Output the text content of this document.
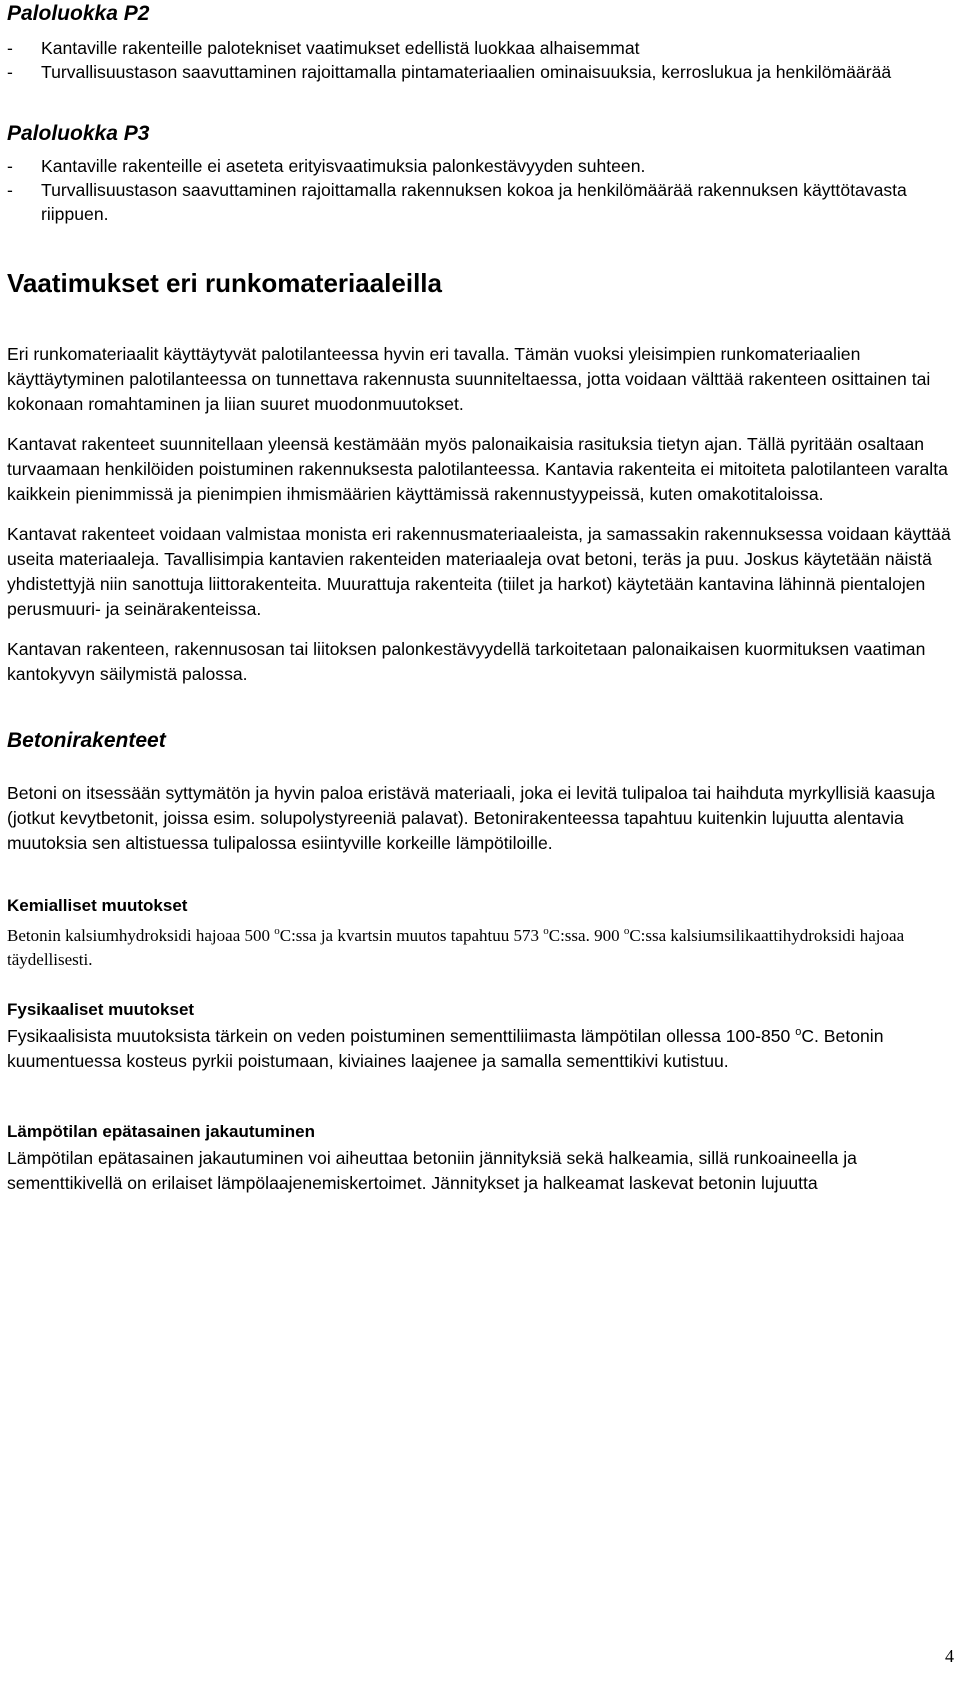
Paloluokka P2
-	Kantaville rakenteille palotekniset vaatimukset edellistä luokkaa alhaisemmat

-	Turvallisuustason saavuttaminen rajoittamalla pintamateriaalien ominaisuuksia, kerroslukua ja henkilömäärää

Paloluokka P3
-	Kantaville rakenteille ei aseteta erityisvaatimuksia palonkestävyyden suhteen.

-	Turvallisuustason saavuttaminen rajoittamalla rakennuksen kokoa ja henkilömäärää rakennuksen käyttötavasta riippuen.

Vaatimukset eri runkomateriaaleilla

Eri runkomateriaalit käyttäytyvät palotilanteessa hyvin eri tavalla. Tämän vuoksi yleisimpien runkomateriaalien käyttäytyminen palotilanteessa on tunnettava rakennusta suunniteltaessa, jotta voidaan välttää rakenteen osittainen tai kokonaan romahtaminen ja liian suuret muodonmuutokset.

Kantavat rakenteet suunnitellaan yleensä kestämään myös palonaikaisia rasituksia tietyn ajan. Tällä pyritään osaltaan turvaamaan henkilöiden poistuminen rakennuksesta palotilanteessa. Kantavia rakenteita ei mitoiteta palotilanteen varalta kaikkein pienimmissä ja pienimpien ihmismäärien käyttämissä rakennustyypeissä, kuten omakotitaloissa.

Kantavat rakenteet voidaan valmistaa monista eri rakennusmateriaaleista, ja samassakin rakennuksessa voidaan käyttää useita materiaaleja. Tavallisimpia kantavien rakenteiden materiaaleja ovat betoni, teräs ja puu. Joskus käytetään näistä yhdistettyjä niin sanottuja liittorakenteita. Muurattuja rakenteita (tiilet ja harkot) käytetään kantavina lähinnä pientalojen perusmuuri- ja seinärakenteissa.

Kantavan rakenteen, rakennusosan tai liitoksen palonkestävyydellä tarkoitetaan palonaikaisen kuormituksen vaatiman kantokyvyn säilymistä palossa.

Betonirakenteet

Betoni on itsessään syttymätön ja hyvin paloa eristävä materiaali, joka ei levitä tulipaloa tai haihduta myrkyllisiä kaasuja (jotkut kevytbetonit, joissa esim. solupolystyreeniä palavat). Betonirakenteessa tapahtuu kuitenkin lujuutta alentavia muutoksia sen altistuessa tulipalossa esiintyville korkeille lämpötiloille.

Kemialliset muutokset

Betonin kalsiumhydroksidi hajoaa 500 $^o$C:ssa ja kvartsin muutos tapahtuu 573 $^o$C:ssa. 900 $^o$C:ssa kalsiumsilikaattihydroksidi hajoaa täydellisesti.

Fysikaaliset muutokset

Fysikaalisista muutoksista tärkein on veden poistuminen sementtiliimasta lämpötilan ollessa 100-850 $^o$C. Betonin kuumentuessa kosteus pyrkii poistumaan, kiviaines laajenee ja samalla sementtikivi kutistuu.

Lämpötilan epätasainen jakautuminen

Lämpötilan epätasainen jakautuminen voi aiheuttaa betoniin jännityksiä sekä halkeamia, sillä runkoaineella ja sementtikivellä on erilaiset lämpölaajenemiskertoimet. Jännitykset ja halkeamat laskevat betonin lujuutta

4
